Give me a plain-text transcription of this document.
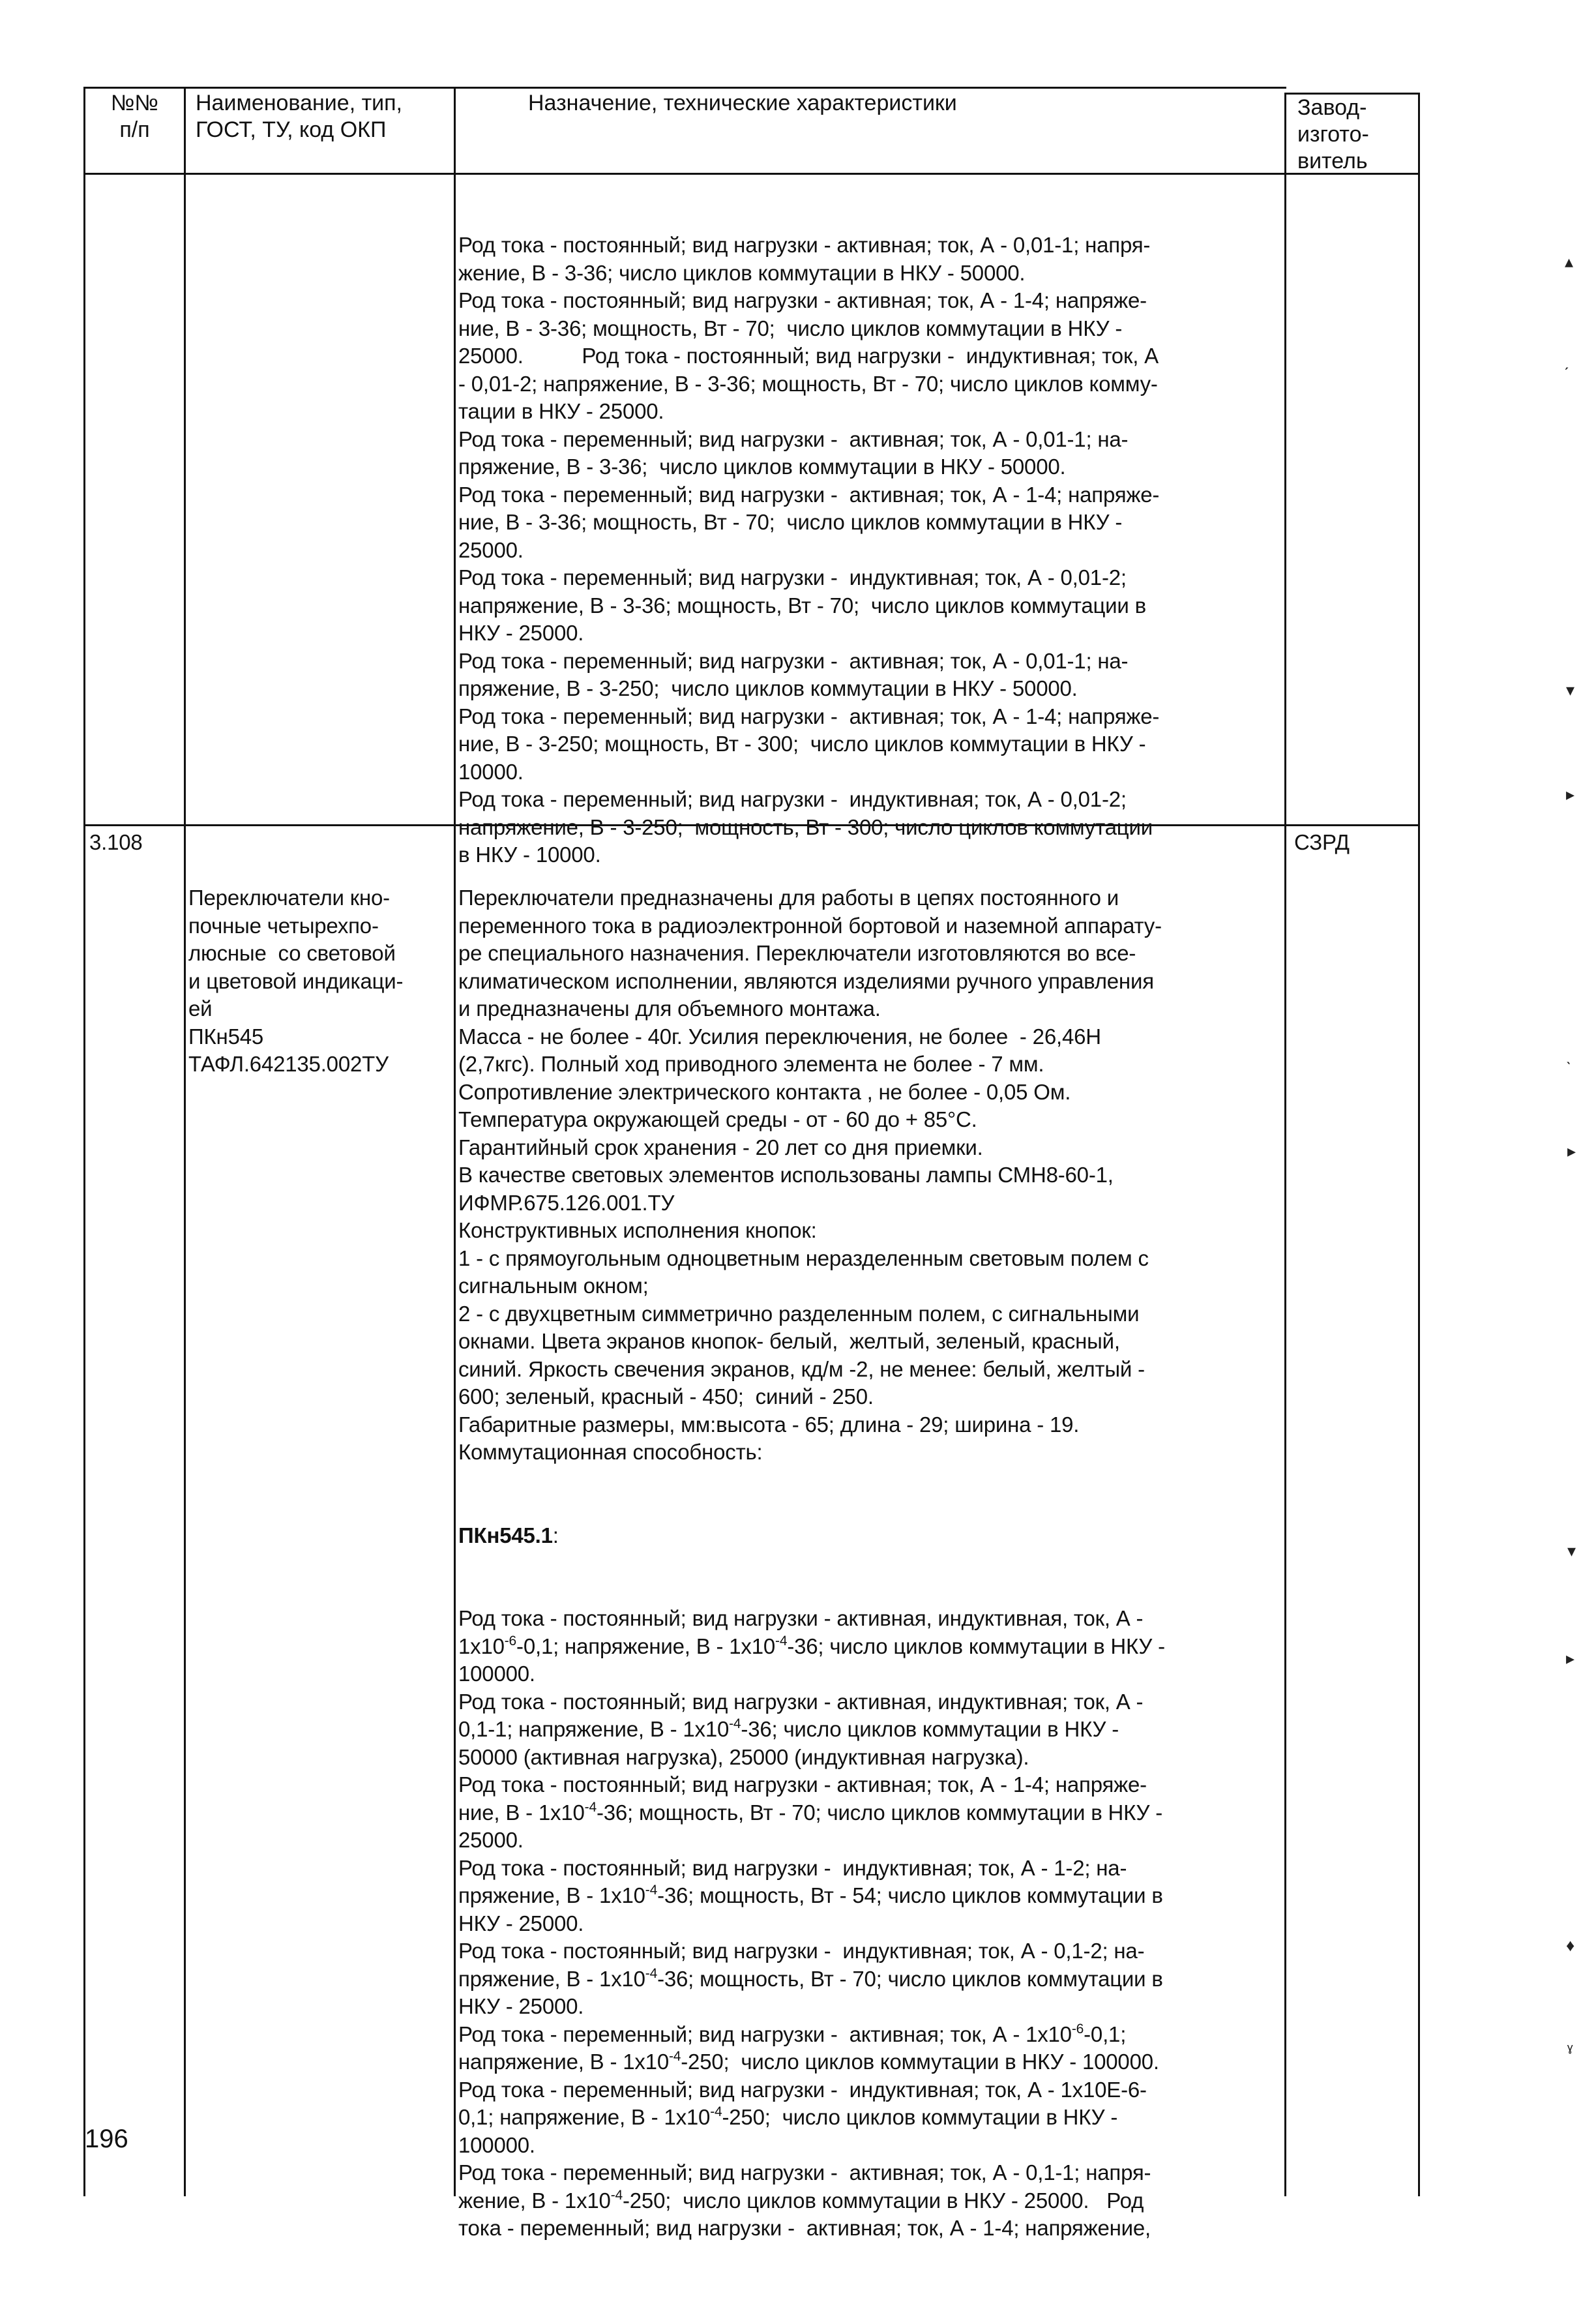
№№
п/п
Наименование, тип,
ГОСТ, ТУ, код ОКП
Назначение, технические характеристики	Завод-
изгото-
витель

Род тока - постоянный; вид нагрузки - активная; ток, А - 0,01-1; напря-
жение, В - 3-36; число циклов коммутации в НКУ - 50000.
Род тока - постоянный; вид нагрузки - активная; ток, А - 1-4; напряже-
ние, В - 3-36; мощность, Вт - 70;  число циклов коммутации в НКУ -
25000.          Род тока - постоянный; вид нагрузки -  индуктивная; ток, А
- 0,01-2; напряжение, В - 3-36; мощность, Вт - 70; число циклов комму-
тации в НКУ - 25000.
Род тока - переменный; вид нагрузки -  активная; ток, А - 0,01-1; на-
пряжение, В - 3-36;  число циклов коммутации в НКУ - 50000.
Род тока - переменный; вид нагрузки -  активная; ток, А - 1-4; напряже-
ние, В - 3-36; мощность, Вт - 70;  число циклов коммутации в НКУ -
25000.
Род тока - переменный; вид нагрузки -  индуктивная; ток, А - 0,01-2;
напряжение, В - 3-36; мощность, Вт - 70;  число циклов коммутации в
НКУ - 25000.
Род тока - переменный; вид нагрузки -  активная; ток, А - 0,01-1; на-
пряжение, В - 3-250;  число циклов коммутации в НКУ - 50000.
Род тока - переменный; вид нагрузки -  активная; ток, А - 1-4; напряже-
ние, В - 3-250; мощность, Вт - 300;  число циклов коммутации в НКУ -
10000.
Род тока - переменный; вид нагрузки -  индуктивная; ток, А - 0,01-2;
напряжение, В - 3-250;  мощность, Вт - 300; число циклов коммутации
в НКУ - 10000.

3.108

Переключатели кно-
почные четырехпо-
люсные  со световой
и цветовой индикаци-
ей
ПКн545
ТАФЛ.642135.002ТУ

Переключатели предназначены для работы в цепях постоянного и
переменного тока в радиоэлектронной бортовой и наземной аппарату-
ре специального назначения. Переключатели изготовляются во все-
климатическом исполнении, являются изделиями ручного управления
и предназначены для объемного монтажа.
Масса - не более - 40г. Усилия переключения, не более  - 26,46Н
(2,7кгс). Полный ход приводного элемента не более - 7 мм.
Сопротивление электрического контакта , не более - 0,05 Ом.
Температура окружающей среды - от - 60 до + 85°С.
Гарантийный срок хранения - 20 лет со дня приемки.
В качестве световых элементов использованы лампы СМН8-60-1,
ИФМР.675.126.001.ТУ
Конструктивных исполнения кнопок:
1 - с прямоугольным одноцветным неразделенным световым полем с
сигнальным окном;
2 - с двухцветным симметрично разделенным полем, с сигнальными
окнами. Цвета экранов кнопок- белый,  желтый, зеленый, красный,
синий. Яркость свечения экранов, кд/м -2, не менее: белый, желтый -
600; зеленый, красный - 450;  синий - 250.
Габаритные размеры, мм:высота - 65; длина - 29; ширина - 19.
Коммутационная способность:

ПКн545.1:

Род тока - постоянный; вид нагрузки - активная, индуктивная, ток, А -
$1х10^{-6}-0,1$; напряжение, В - $1х10^{-4}-36$; число циклов коммутации в НКУ -
100000.
Род тока - постоянный; вид нагрузки - активная, индуктивная; ток, А -
0,1-1; напряжение, В - $1х10^{-4}-36$; число циклов коммутации в НКУ -
50000 (активная нагрузка), 25000 (индуктивная нагрузка).
Род тока - постоянный; вид нагрузки - активная; ток, А - 1-4; напряже-
ние, В - $1х10^{-4}-36$; мощность, Вт - 70; число циклов коммутации в НКУ -
25000.
Род тока - постоянный; вид нагрузки -  индуктивная; ток, А - 1-2; на-
пряжение, В - $1х10^{-4}-36$; мощность, Вт - 54; число циклов коммутации в
НКУ - 25000.
Род тока - постоянный; вид нагрузки -  индуктивная; ток, А - 0,1-2; на-
пряжение, В - $1х10^{-4}-36$; мощность, Вт - 70; число циклов коммутации в
НКУ - 25000.
Род тока - переменный; вид нагрузки -  активная; ток, А - $1х10^{-6}-0,1$;
напряжение, В - $1х10^{-4}-250$;  число циклов коммутации в НКУ - 100000.
Род тока - переменный; вид нагрузки -  индуктивная; ток, А - 1х10Е-6-
0,1; напряжение, В - $1х10^{-4}-250$;  число циклов коммутации в НКУ -
100000.
Род тока - переменный; вид нагрузки -  активная; ток, А - 0,1-1; напря-
жение, В - $1х10^{-4}-250$;  число циклов коммутации в НКУ - 25000.   Род
тока - переменный; вид нагрузки -  активная; ток, А - 1-4; напряжение,

СЗРД
196
▴
ˏ
▾
▸
ˎ
▸
▾
▸
♦
ˠ
